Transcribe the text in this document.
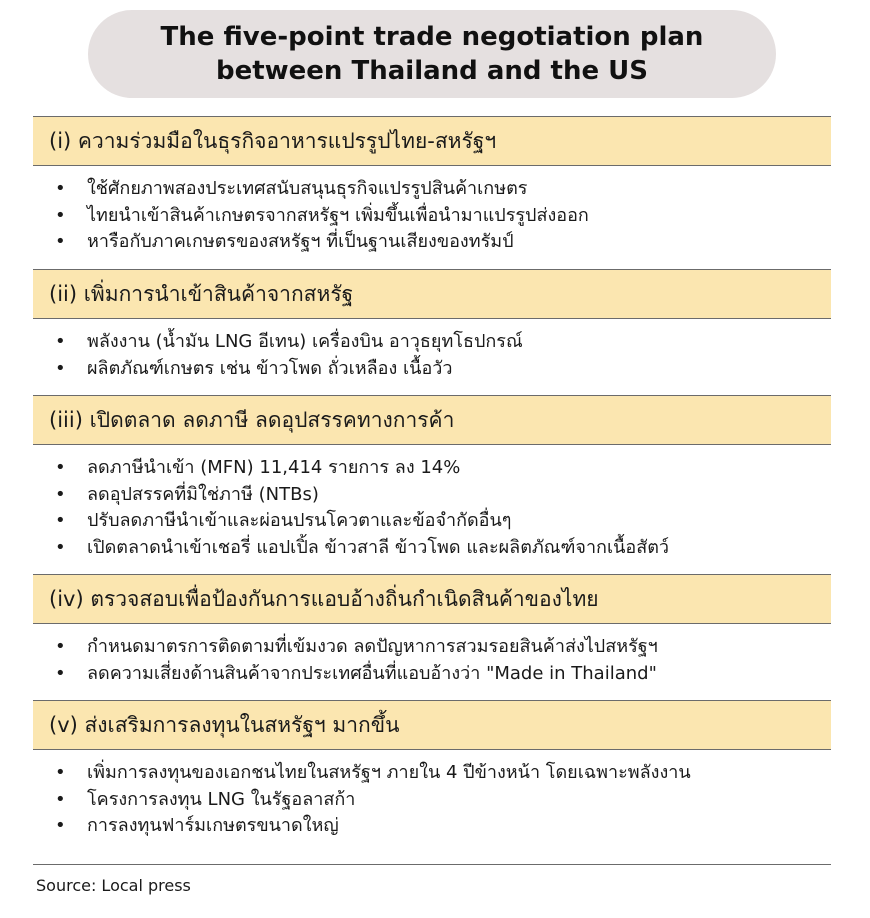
The five-point trade negotiation plan
between Thailand and the US
(i) ความร่วมมือในธุรกิจอาหารแปรรูปไทย-สหรัฐฯ
• ใช้ศักยภาพสองประเทศสนับสนุนธุรกิจแปรรูปสินค้าเกษตร
• ไทยนำเข้าสินค้าเกษตรจากสหรัฐฯ เพิ่มขึ้นเพื่อนำมาแปรรูปส่งออก
• หารือกับภาคเกษตรของสหรัฐฯ ที่เป็นฐานเสียงของทรัมป์
(ii) เพิ่มการนำเข้าสินค้าจากสหรัฐ
• พลังงาน (น้ำมัน LNG อีเทน) เครื่องบิน อาวุธยุทโธปกรณ์
• ผลิตภัณฑ์เกษตร เช่น ข้าวโพด ถั่วเหลือง เนื้อวัว
(iii) เปิดตลาด ลดภาษี ลดอุปสรรคทางการค้า
• ลดภาษีนำเข้า (MFN) 11,414 รายการ ลง 14%
• ลดอุปสรรคที่มิใช่ภาษี (NTBs)
• ปรับลดภาษีนำเข้าและผ่อนปรนโควตาและข้อจำกัดอื่นๆ
• เปิดตลาดนำเข้าเชอรี่ แอปเปิ้ล ข้าวสาลี ข้าวโพด และผลิตภัณฑ์จากเนื้อสัตว์
(iv) ตรวจสอบเพื่อป้องกันการแอบอ้างถิ่นกำเนิดสินค้าของไทย
• กำหนดมาตรการติดตามที่เข้มงวด ลดปัญหาการสวมรอยสินค้าส่งไปสหรัฐฯ
• ลดความเสี่ยงด้านสินค้าจากประเทศอื่นที่แอบอ้างว่า "Made in Thailand"
(v) ส่งเสริมการลงทุนในสหรัฐฯ มากขึ้น
• เพิ่มการลงทุนของเอกชนไทยในสหรัฐฯ ภายใน 4 ปีข้างหน้า โดยเฉพาะพลังงาน
• โครงการลงทุน LNG ในรัฐอลาสก้า
• การลงทุนฟาร์มเกษตรขนาดใหญ่
Source: Local press
